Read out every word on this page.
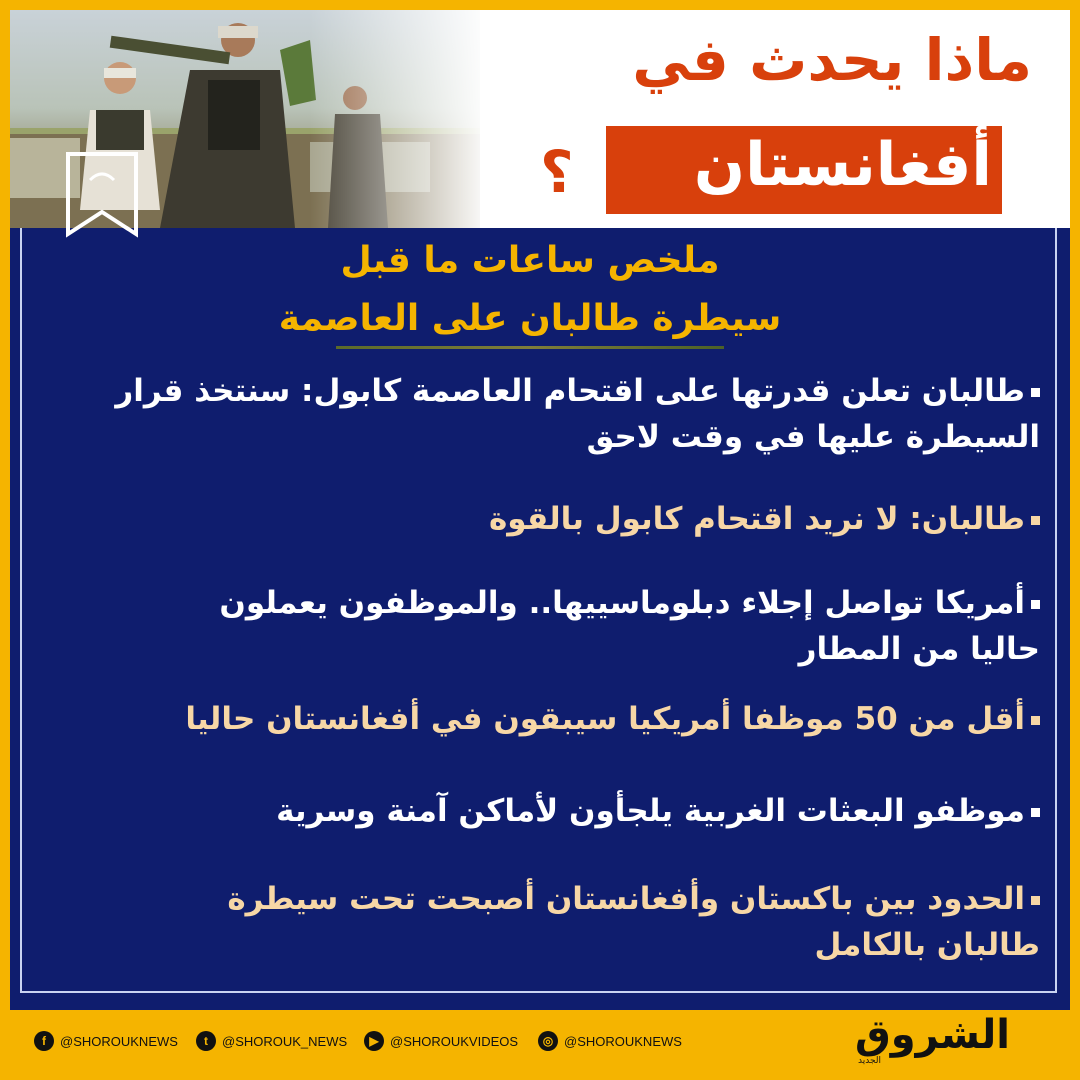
ماذا يحدث في
أفغانستان
؟
ملخص ساعات ما قبل
سيطرة طالبان على العاصمة
طالبان تعلن قدرتها على اقتحام العاصمة كابول: سنتخذ قرار
السيطرة عليها في وقت لاحق
طالبان: لا نريد اقتحام كابول بالقوة
أمريكا تواصل إجلاء دبلوماسييها.. والموظفون يعملون
حاليا من المطار
أقل من 50 موظفا أمريكيا سيبقون في أفغانستان حاليا
موظفو البعثات الغربية يلجأون لأماكن آمنة وسرية
الحدود بين باكستان وأفغانستان أصبحت تحت سيطرة
طالبان بالكامل
f	@SHOROUKNEWS	t	@SHOROUK_NEWS	▶ @SHOROUKVIDEOS	◎ @SHOROUKNEWS	الشروق
الجديد
